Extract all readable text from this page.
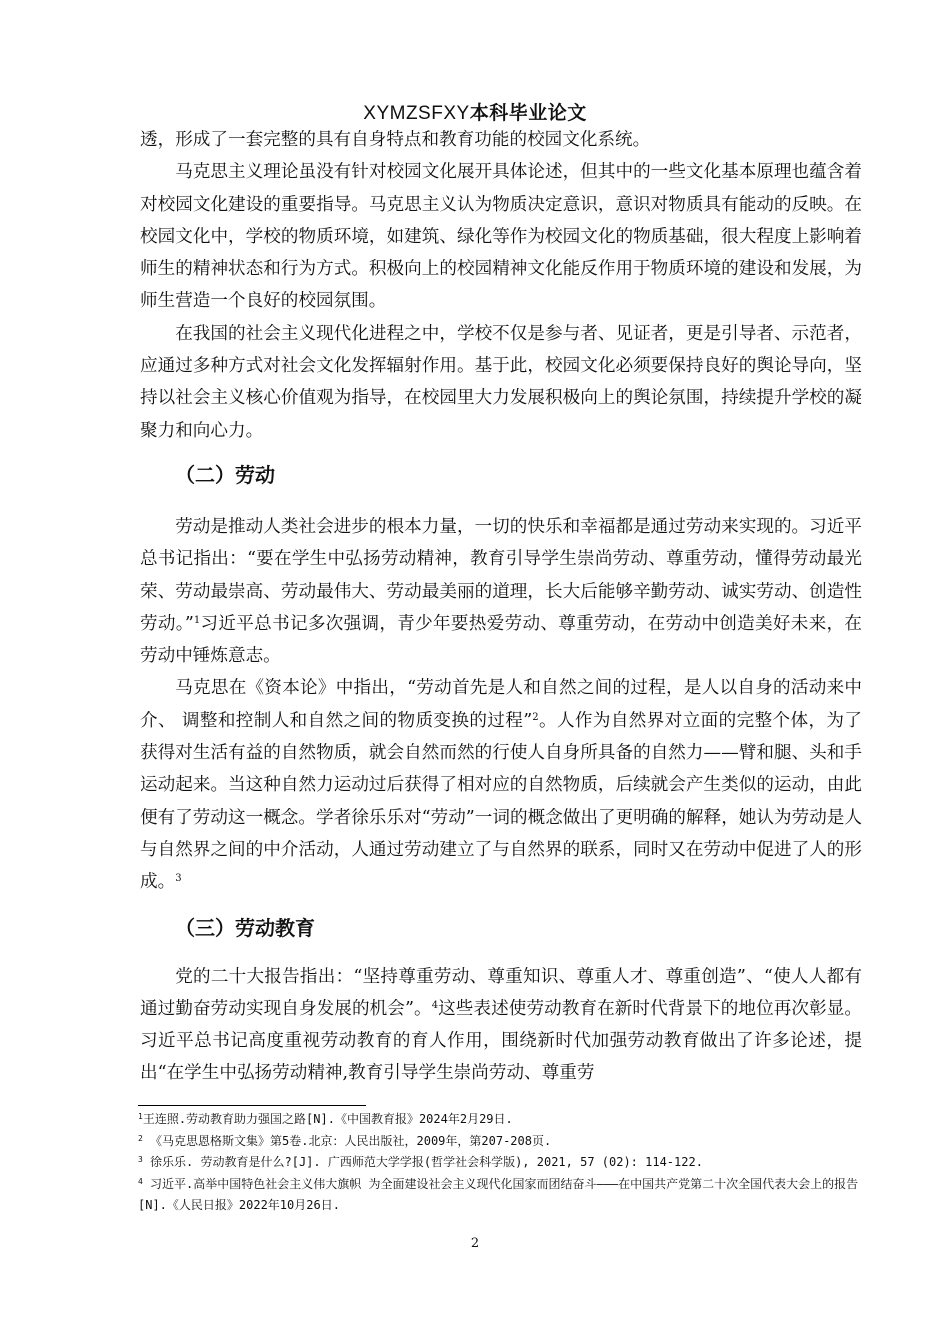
XYMZSFXY本科毕业论文

透，形成了一套完整的具有自身特点和教育功能的校园文化系统。

马克思主义理论虽没有针对校园文化展开具体论述，但其中的一些文化基本原理也蕴含着对校园文化建设的重要指导。马克思主义认为物质决定意识，意识对物质具有能动的反映。在校园文化中，学校的物质环境，如建筑、绿化等作为校园文化的物质基础，很大程度上影响着师生的精神状态和行为方式。积极向上的校园精神文化能反作用于物质环境的建设和发展，为师生营造一个良好的校园氛围。

在我国的社会主义现代化进程之中，学校不仅是参与者、见证者，更是引导者、示范者，应通过多种方式对社会文化发挥辐射作用。基于此，校园文化必须要保持良好的舆论导向，坚持以社会主义核心价值观为指导，在校园里大力发展积极向上的舆论氛围，持续提升学校的凝聚力和向心力。

（二）劳动

劳动是推动人类社会进步的根本力量，一切的快乐和幸福都是通过劳动来实现的。习近平总书记指出：“要在学生中弘扬劳动精神，教育引导学生崇尚劳动、尊重劳动，懂得劳动最光荣、劳动最崇高、劳动最伟大、劳动最美丽的道理，长大后能够辛勤劳动、诚实劳动、创造性劳动。”$^1$习近平总书记多次强调，青少年要热爱劳动、尊重劳动，在劳动中创造美好未来，在劳动中锤炼意志。

马克思在《资本论》中指出，“劳动首先是人和自然之间的过程，是人以自身的活动来中介、 调整和控制人和自然之间的物质变换的过程”$^2$。人作为自然界对立面的完整个体，为了获得对生活有益的自然物质，就会自然而然的行使人自身所具备的自然力——臂和腿、头和手运动起来。当这种自然力运动过后获得了相对应的自然物质，后续就会产生类似的运动，由此便有了劳动这一概念。学者徐乐乐对“劳动”一词的概念做出了更明确的解释，她认为劳动是人与自然界之间的中介活动，人通过劳动建立了与自然界的联系，同时又在劳动中促进了人的形成。$^3$

（三）劳动教育

党的二十大报告指出：“坚持尊重劳动、尊重知识、尊重人才、尊重创造”、“使人人都有通过勤奋劳动实现自身发展的机会”。$^4$这些表述使劳动教育在新时代背景下的地位再次彰显。习近平总书记高度重视劳动教育的育人作用，围绕新时代加强劳动教育做出了许多论述，提出“在学生中弘扬劳动精神,教育引导学生崇尚劳动、尊重劳

$^1$王连照.劳动教育助力强国之路[N].《中国教育报》2024年2月29日.
$^2$ 《马克思恩格斯文集》第5卷.北京：人民出版社，2009年，第207-208页.
$^3$ 徐乐乐. 劳动教育是什么?[J]. 广西师范大学学报(哲学社会科学版), 2021, 57 (02): 114-122.
$^4$ 习近平.高举中国特色社会主义伟大旗帜 为全面建设社会主义现代化国家而团结奋斗———在中国共产党第二十次全国代表大会上的报告[N].《人民日报》2022年10月26日.
2
